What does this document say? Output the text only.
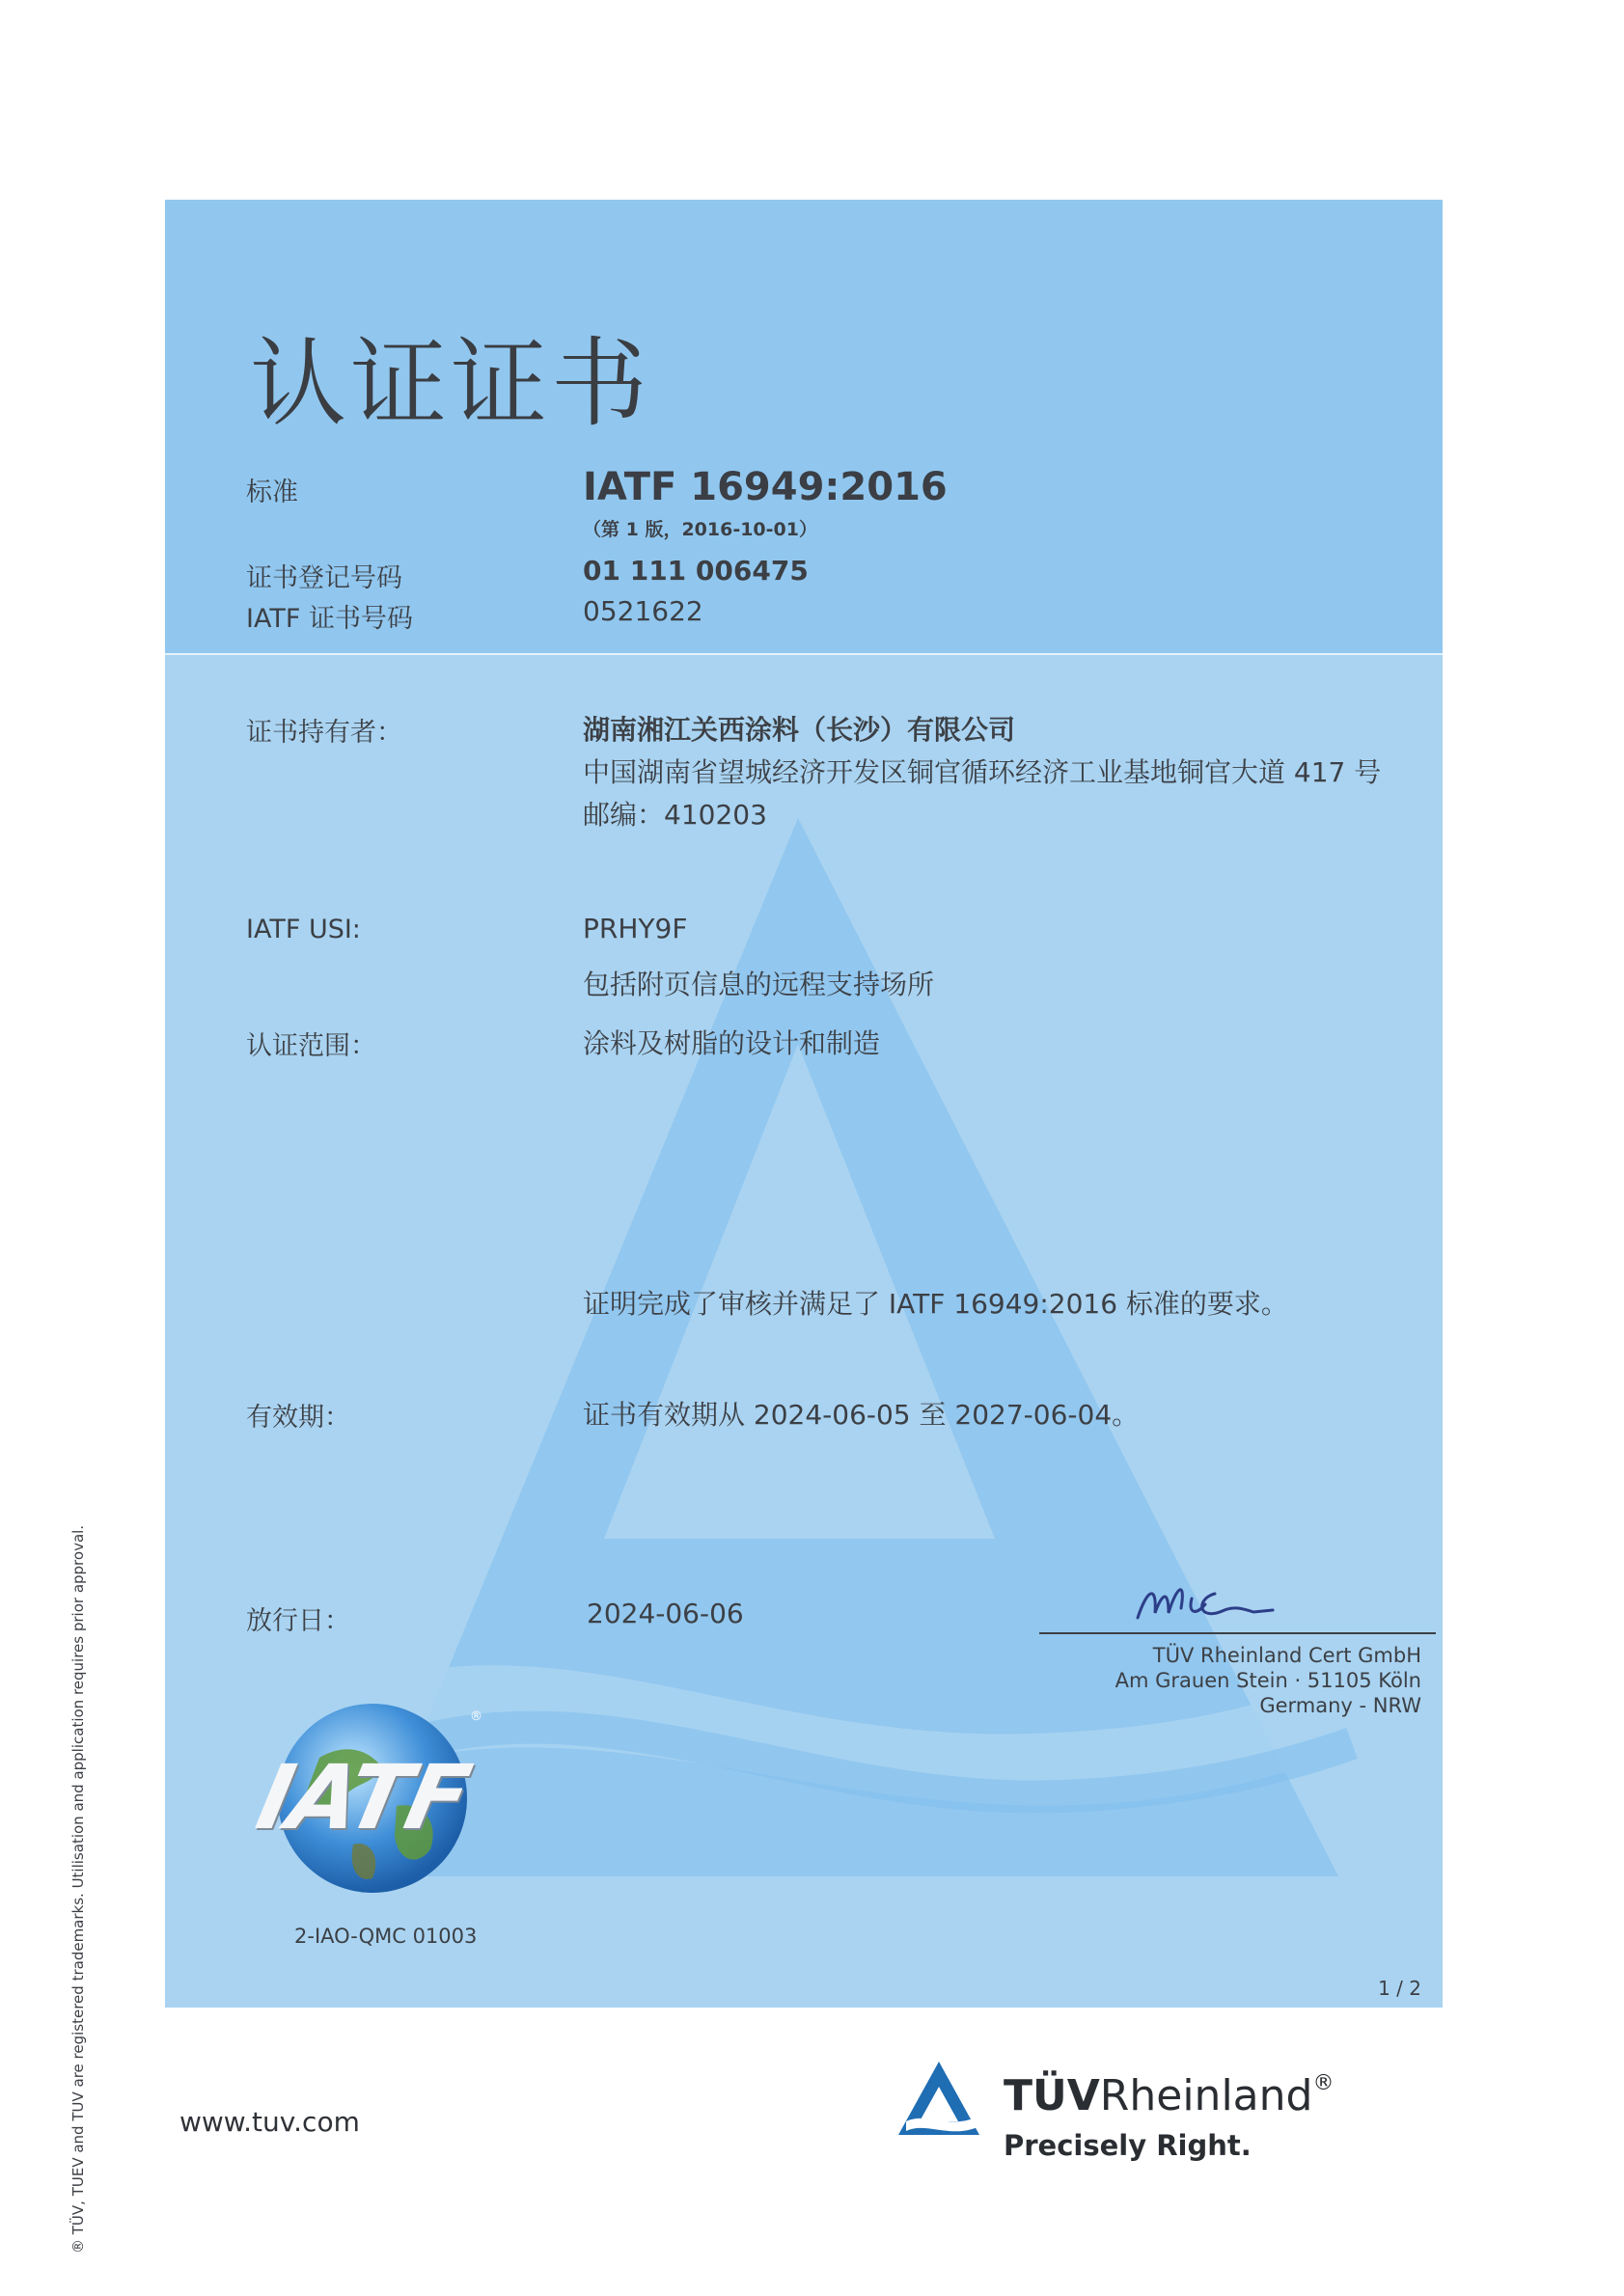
认证证书
标准	IATF 16949:2016
（第 1 版，2016-10-01）
证书登记号码	01 111 006475
IATF 证书号码	0521622
证书持有者：	湖南湘江关西涂料（长沙）有限公司
中国湖南省望城经济开发区铜官循环经济工业基地铜官大道 417 号
邮编：410203
IATF USI:	PRHY9F
包括附页信息的远程支持场所
认证范围：	涂料及树脂的设计和制造
证明完成了审核并满足了 IATF 16949:2016 标准的要求。
有效期：	证书有效期从 2024-06-05 至 2027-06-04。
放行日：	2024-06-06
TÜV Rheinland Cert GmbH
Am Grauen Stein · 51105 Köln
Germany - NRW
IATF
®
2-IAO-QMC 01003
1 / 2
www.tuv.com
TÜVRheinland®
Precisely Right.
® TÜV, TUEV and TUV are registered trademarks. Utilisation and application requires prior approval.
